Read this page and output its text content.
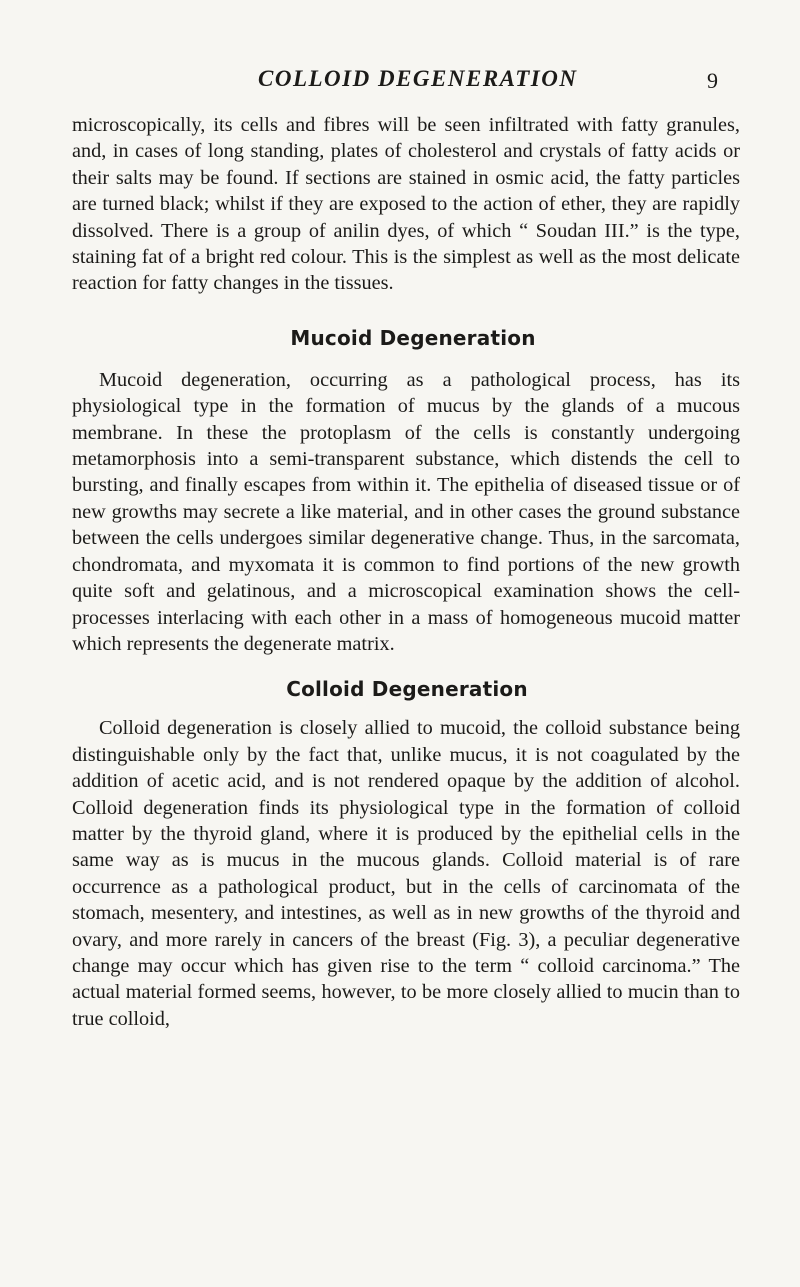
COLLOID DEGENERATION	9

microscopically, its cells and fibres will be seen infiltrated with fatty granules, and, in cases of long standing, plates of cholesterol and crystals of fatty acids or their salts may be found. If sections are stained in osmic acid, the fatty particles are turned black; whilst if they are exposed to the action of ether, they are rapidly dissolved. There is a group of anilin dyes, of which “ Soudan III.” is the type, staining fat of a bright red colour. This is the simplest as well as the most delicate reaction for fatty changes in the tissues.

Mucoid Degeneration

Mucoid degeneration, occurring as a pathological process, has its physiological type in the formation of mucus by the glands of a mucous membrane. In these the protoplasm of the cells is constantly undergoing metamorphosis into a semi-transparent substance, which distends the cell to bursting, and finally escapes from within it. The epithelia of diseased tissue or of new growths may secrete a like material, and in other cases the ground substance between the cells undergoes similar degenerative change. Thus, in the sarcomata, chondromata, and myxomata it is common to find portions of the new growth quite soft and gelatinous, and a microscopical examination shows the cell-processes interlacing with each other in a mass of homogeneous mucoid matter which represents the degenerate matrix.

Colloid Degeneration

Colloid degeneration is closely allied to mucoid, the colloid substance being distinguishable only by the fact that, unlike mucus, it is not coagulated by the addition of acetic acid, and is not rendered opaque by the addition of alcohol. Colloid degeneration finds its physiological type in the formation of colloid matter by the thyroid gland, where it is produced by the epithelial cells in the same way as is mucus in the mucous glands. Colloid material is of rare occurrence as a pathological product, but in the cells of carcinomata of the stomach, mesentery, and intestines, as well as in new growths of the thyroid and ovary, and more rarely in cancers of the breast (Fig. 3), a peculiar degenerative change may occur which has given rise to the term “ colloid carcinoma.” The actual material formed seems, however, to be more closely allied to mucin than to true colloid,
